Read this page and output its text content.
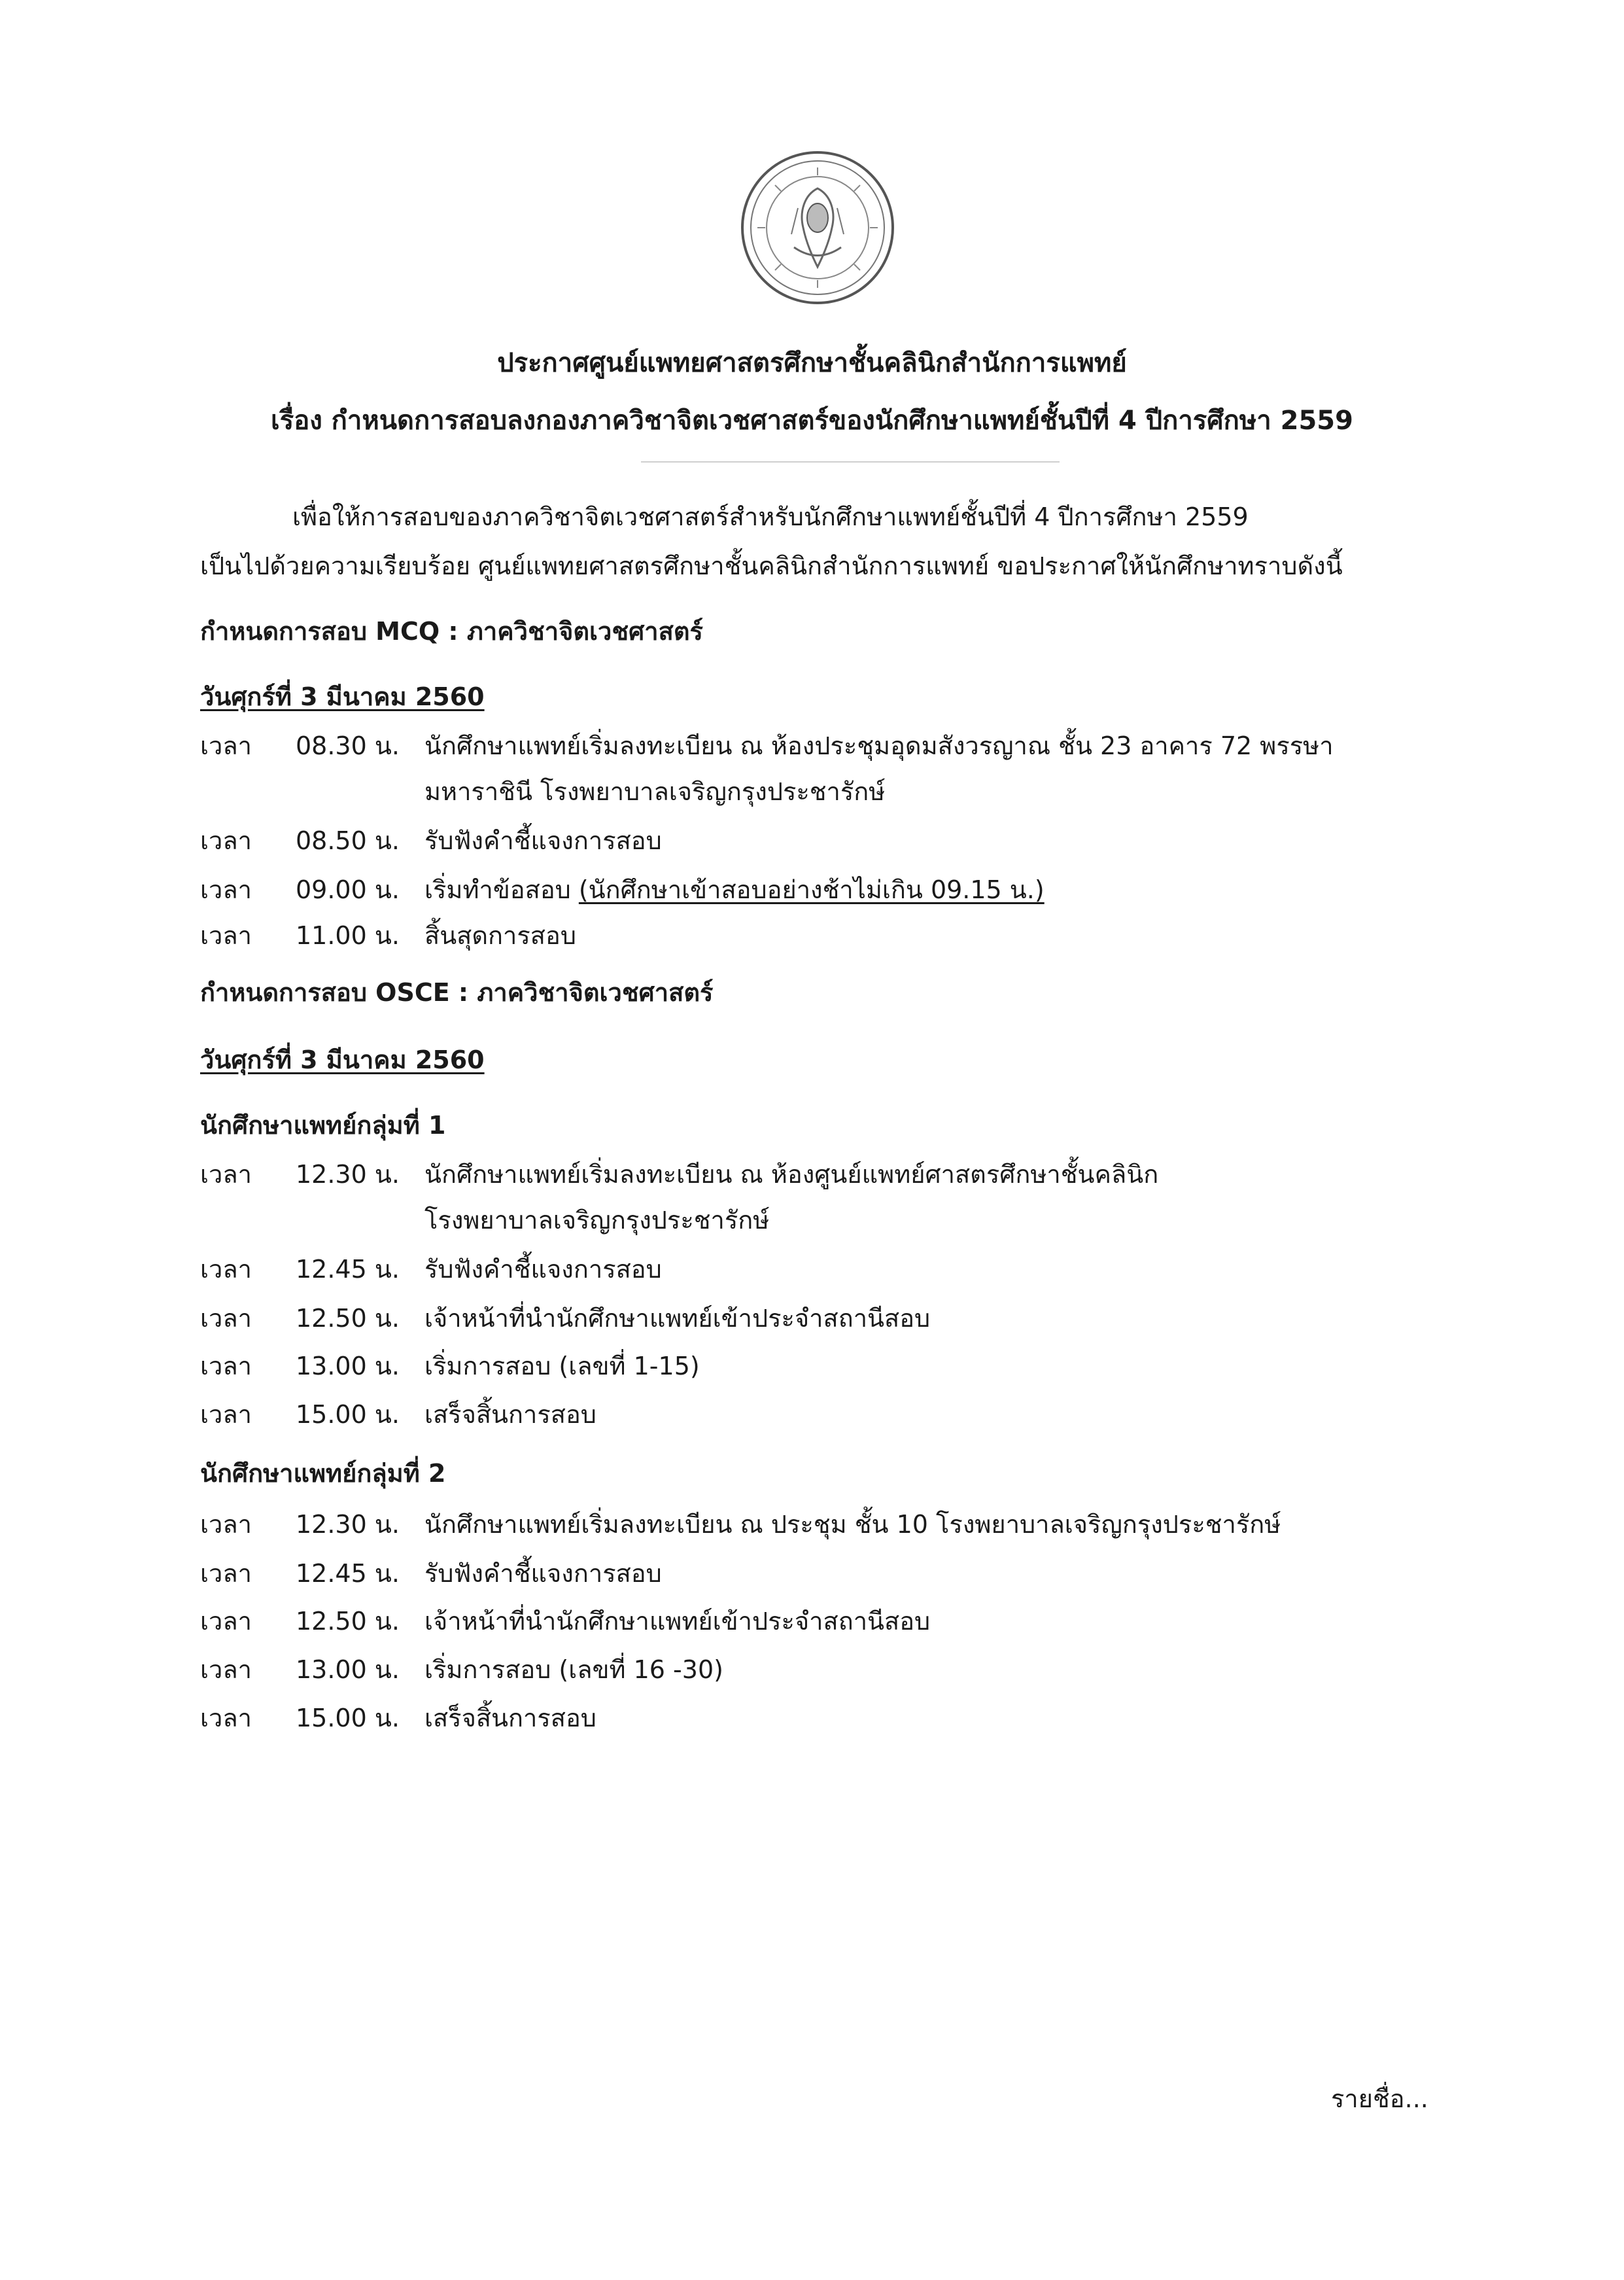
ประกาศศูนย์แพทยศาสตรศึกษาชั้นคลินิกสำนักการแพทย์
เรื่อง กำหนดการสอบลงกองภาควิชาจิตเวชศาสตร์ของนักศึกษาแพทย์ชั้นปีที่ 4 ปีการศึกษา 2559
เพื่อให้การสอบของภาควิชาจิตเวชศาสตร์สำหรับนักศึกษาแพทย์ชั้นปีที่ 4 ปีการศึกษา 2559
เป็นไปด้วยความเรียบร้อย ศูนย์แพทยศาสตรศึกษาชั้นคลินิกสำนักการแพทย์ ขอประกาศให้นักศึกษาทราบดังนี้
กำหนดการสอบ MCQ : ภาควิชาจิตเวชศาสตร์
วันศุกร์ที่ 3 มีนาคม 2560
เวลา 08.30 น. นักศึกษาแพทย์เริ่มลงทะเบียน ณ ห้องประชุมอุดมสังวรญาณ ชั้น 23 อาคาร 72 พรรษา
มหาราชินี โรงพยาบาลเจริญกรุงประชารักษ์
เวลา 08.50 น. รับฟังคำชี้แจงการสอบ
เวลา 09.00 น. เริ่มทำข้อสอบ (นักศึกษาเข้าสอบอย่างช้าไม่เกิน 09.15 น.)
เวลา 11.00 น. สิ้นสุดการสอบ
กำหนดการสอบ OSCE : ภาควิชาจิตเวชศาสตร์
วันศุกร์ที่ 3 มีนาคม 2560
นักศึกษาแพทย์กลุ่มที่ 1
เวลา 12.30 น. นักศึกษาแพทย์เริ่มลงทะเบียน ณ ห้องศูนย์แพทย์ศาสตรศึกษาชั้นคลินิก
โรงพยาบาลเจริญกรุงประชารักษ์
เวลา 12.45 น. รับฟังคำชี้แจงการสอบ
เวลา 12.50 น. เจ้าหน้าที่นำนักศึกษาแพทย์เข้าประจำสถานีสอบ
เวลา 13.00 น. เริ่มการสอบ (เลขที่ 1-15)
เวลา 15.00 น. เสร็จสิ้นการสอบ
นักศึกษาแพทย์กลุ่มที่ 2
เวลา 12.30 น. นักศึกษาแพทย์เริ่มลงทะเบียน ณ ประชุม ชั้น 10 โรงพยาบาลเจริญกรุงประชารักษ์
เวลา 12.45 น. รับฟังคำชี้แจงการสอบ
เวลา 12.50 น. เจ้าหน้าที่นำนักศึกษาแพทย์เข้าประจำสถานีสอบ
เวลา 13.00 น. เริ่มการสอบ (เลขที่ 16 -30)
เวลา 15.00 น. เสร็จสิ้นการสอบ
รายชื่อ...
